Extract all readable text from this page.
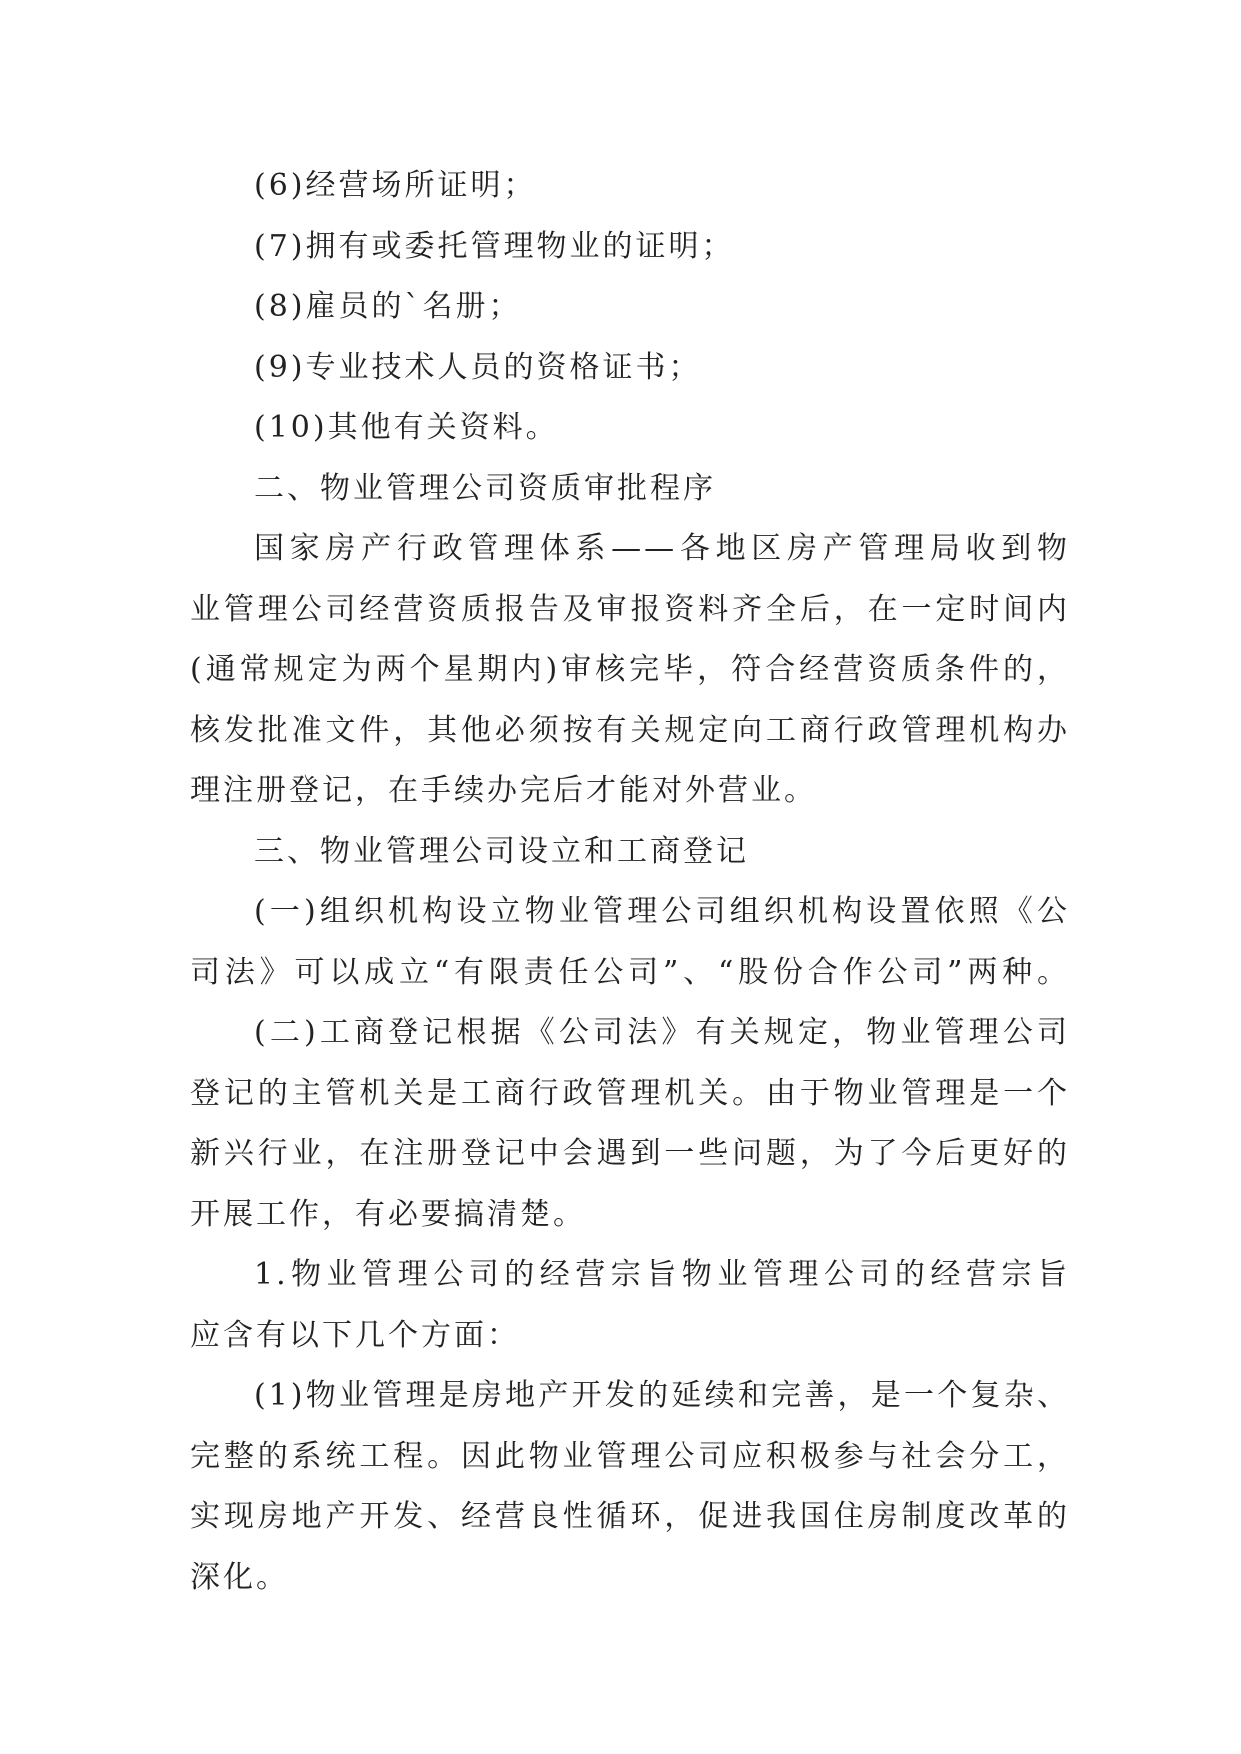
(6)经营场所证明；
(7)拥有或委托管理物业的证明；
(8)雇员的`名册；
(9)专业技术人员的资格证书；
(10)其他有关资料。
二、物业管理公司资质审批程序
国家房产行政管理体系——各地区房产管理局收到物
业管理公司经营资质报告及审报资料齐全后，在一定时间内
(通常规定为两个星期内)审核完毕，符合经营资质条件的，
核发批准文件，其他必须按有关规定向工商行政管理机构办
理注册登记，在手续办完后才能对外营业。
三、物业管理公司设立和工商登记
(一)组织机构设立物业管理公司组织机构设置依照《公
司法》可以成立“有限责任公司”、“股份合作公司”两种。
(二)工商登记根据《公司法》有关规定，物业管理公司
登记的主管机关是工商行政管理机关。由于物业管理是一个
新兴行业，在注册登记中会遇到一些问题，为了今后更好的
开展工作，有必要搞清楚。
1.物业管理公司的经营宗旨物业管理公司的经营宗旨
应含有以下几个方面：
(1)物业管理是房地产开发的延续和完善，是一个复杂、
完整的系统工程。因此物业管理公司应积极参与社会分工，
实现房地产开发、经营良性循环，促进我国住房制度改革的
深化。
